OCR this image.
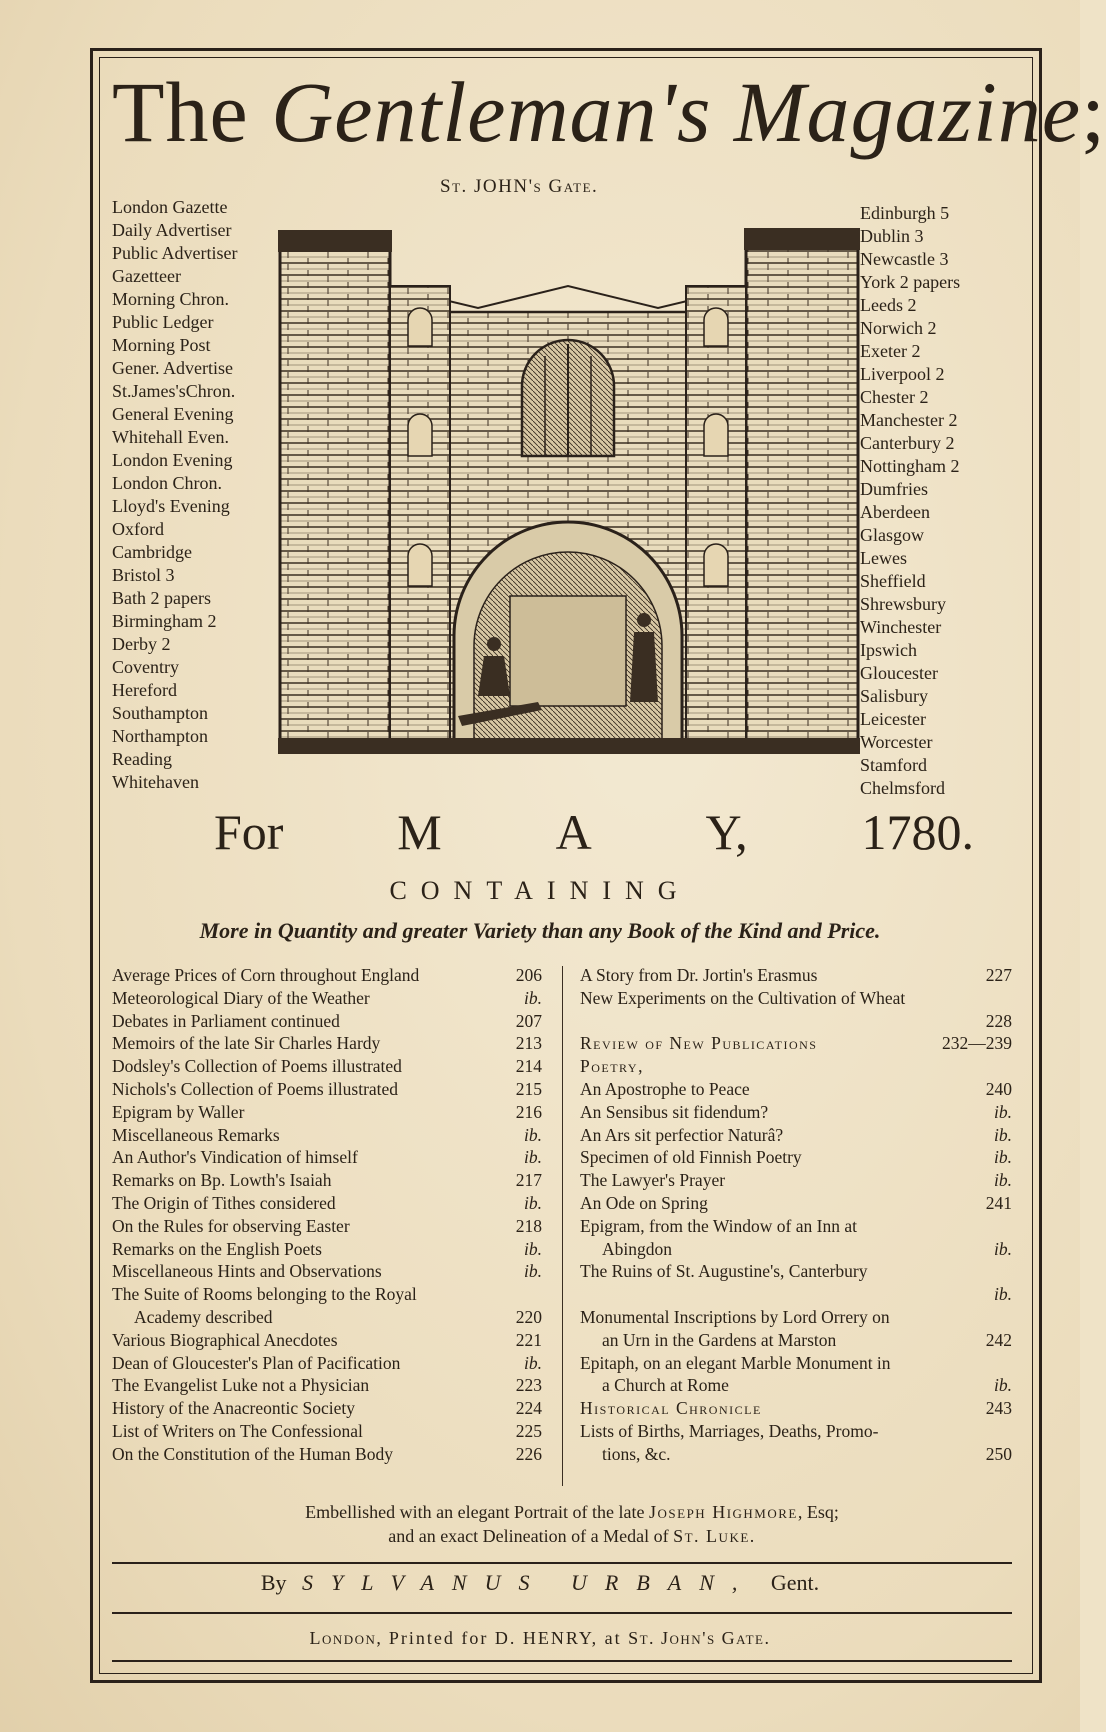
The Gentleman's Magazine;
St. JOHN's Gate.
London Gazette
Daily Advertiser
Public Advertiser
Gazetteer
Morning Chron.
Public Ledger
Morning Post
Gener. Advertise
St.James'sChron.
General Evening
Whitehall Even.
London Evening
London Chron.
Lloyd's Evening
Oxford
Cambridge
Bristol 3
Bath 2 papers
Birmingham 2
Derby 2
Coventry
Hereford
Southampton
Northampton
Reading
Whitehaven
Edinburgh 5
Dublin 3
Newcastle 3
York 2 papers
Leeds 2
Norwich 2
Exeter 2
Liverpool 2
Chester 2
Manchester 2
Canterbury 2
Nottingham 2
Dumfries
Aberdeen
Glasgow
Lewes
Sheffield
Shrewsbury
Winchester
Ipswich
Gloucester
Salisbury
Leicester
Worcester
Stamford
Chelmsford
For M A Y, 1780.
CONTAINING
More in Quantity and greater Variety than any Book of the Kind and Price.
Average Prices of Corn throughout England	206
Meteorological Diary of the Weather	ib.
Debates in Parliament continued	207
Memoirs of the late Sir Charles Hardy	213
Dodsley's Collection of Poems illustrated	214
Nichols's Collection of Poems illustrated	215
Epigram by Waller	216
Miscellaneous Remarks	ib.
An Author's Vindication of himself	ib.
Remarks on Bp. Lowth's Isaiah	217
The Origin of Tithes considered	ib.
On the Rules for observing Easter	218
Remarks on the English Poets	ib.
Miscellaneous Hints and Observations	ib.
The Suite of Rooms belonging to the Royal
Academy described	220
Various Biographical Anecdotes	221
Dean of Gloucester's Plan of Pacification	ib.
The Evangelist Luke not a Physician	223
History of the Anacreontic Society	224
List of Writers on The Confessional	225
On the Constitution of the Human Body	226
A Story from Dr. Jortin's Erasmus	227
New Experiments on the Cultivation of Wheat
228
Review of New Publications	232—239
Poetry,
An Apostrophe to Peace	240
An Sensibus sit fidendum?	ib.
An Ars sit perfectior Naturâ?	ib.
Specimen of old Finnish Poetry	ib.
The Lawyer's Prayer	ib.
An Ode on Spring	241
Epigram, from the Window of an Inn at
Abingdon	ib.
The Ruins of St. Augustine's, Canterbury
ib.
Monumental Inscriptions by Lord Orrery on
an Urn in the Gardens at Marston	242
Epitaph, on an elegant Marble Monument in
a Church at Rome	ib.
Historical Chronicle	243
Lists of Births, Marriages, Deaths, Promo-
tions, &c.	250
Embellished with an elegant Portrait of the late Joseph Highmore, Esq;
and an exact Delineation of a Medal of St. Luke.
By SYLVANUS URBAN, Gent.
London, Printed for D. HENRY, at St. John's Gate.
